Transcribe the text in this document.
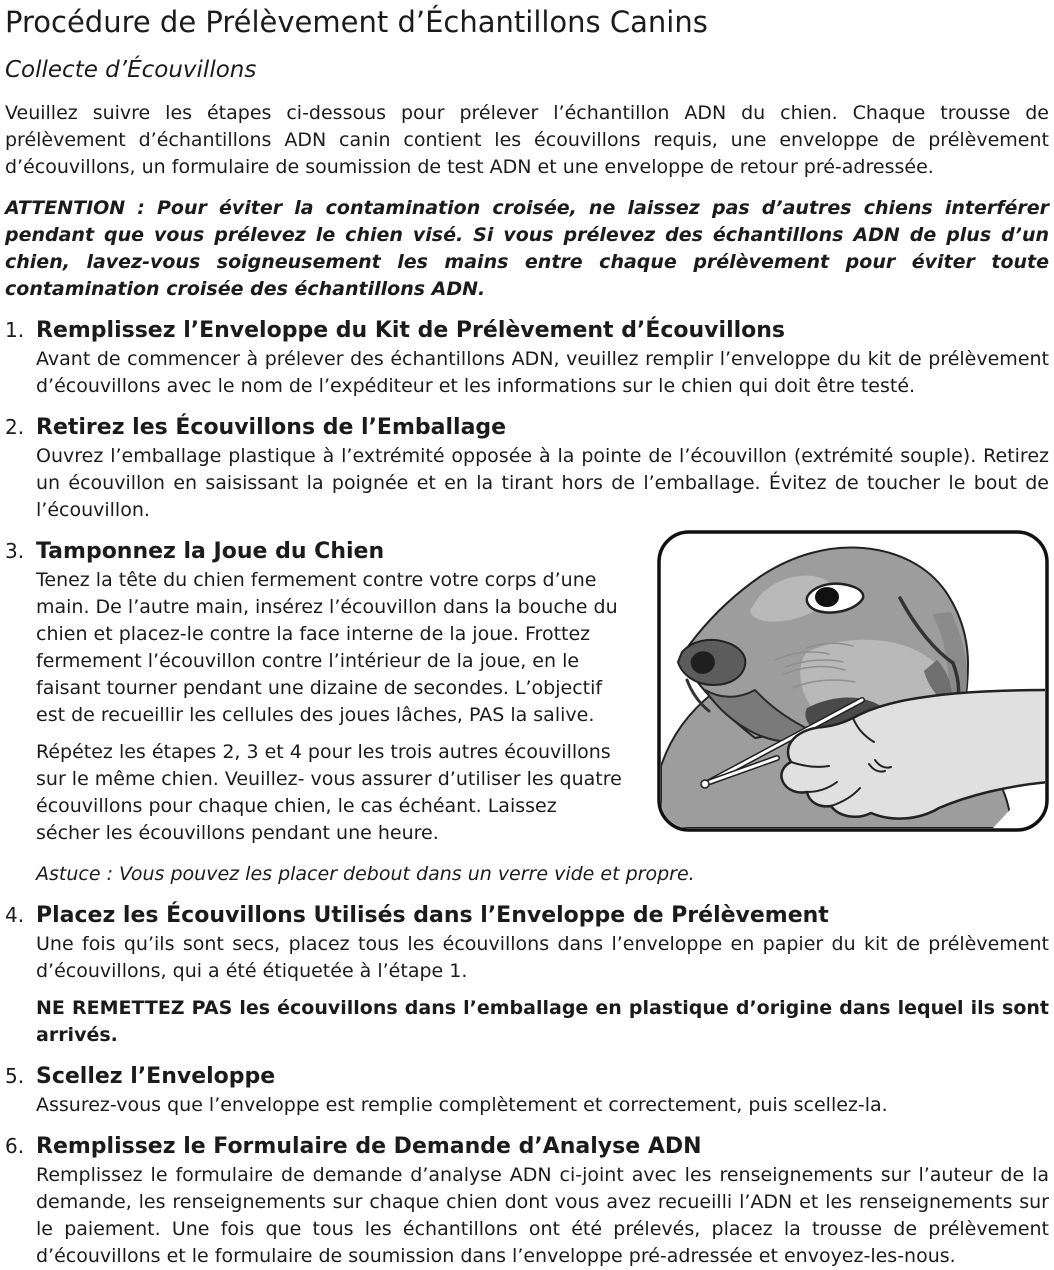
Procédure de Prélèvement d’Échantillons Canins
Collecte d’Écouvillons
Veuillez suivre les étapes ci-dessous pour prélever l’échantillon ADN du chien. Chaque trousse de prélèvement d’échantillons ADN canin contient les écouvillons requis, une enveloppe de prélèvement d’écouvillons, un formulaire de soumission de test ADN et une enveloppe de retour pré-adressée.
ATTENTION : Pour éviter la contamination croisée, ne laissez pas d’autres chiens interférer pendant que vous prélevez le chien visé. Si vous prélevez des échantillons ADN de plus d’un chien, lavez-vous soigneusement les mains entre chaque prélèvement pour éviter toute contamination croisée des échantillons ADN.
1. Remplissez l’Enveloppe du Kit de Prélèvement d’Écouvillons
Avant de commencer à prélever des échantillons ADN, veuillez remplir l’enveloppe du kit de prélèvement d’écouvillons avec le nom de l’expéditeur et les informations sur le chien qui doit être testé.
2. Retirez les Écouvillons de l’Emballage
Ouvrez l’emballage plastique à l’extrémité opposée à la pointe de l’écouvillon (extrémité souple). Retirez un écouvillon en saisissant la poignée et en la tirant hors de l’emballage. Évitez de toucher le bout de l’écouvillon.
3. Tamponnez la Joue du Chien
Tenez la tête du chien fermement contre votre corps d’une main. De l’autre main, insérez l’écouvillon dans la bouche du chien et placez-le contre la face interne de la joue. Frottez fermement l’écouvillon contre l’intérieur de la joue, en le faisant tourner pendant une dizaine de secondes. L’objectif est de recueillir les cellules des joues lâches, PAS la salive.
Répétez les étapes 2, 3 et 4 pour les trois autres écouvillons sur le même chien. Veuillez- vous assurer d’utiliser les quatre écouvillons pour chaque chien, le cas échéant. Laissez sécher les écouvillons pendant une heure.
Astuce : Vous pouvez les placer debout dans un verre vide et propre.
4. Placez les Écouvillons Utilisés dans l’Enveloppe de Prélèvement
Une fois qu’ils sont secs, placez tous les écouvillons dans l’enveloppe en papier du kit de prélèvement d’écouvillons, qui a été étiquetée à l’étape 1.
NE REMETTEZ PAS les écouvillons dans l’emballage en plastique d’origine dans lequel ils sont arrivés.
5. Scellez l’Enveloppe
Assurez-vous que l’enveloppe est remplie complètement et correctement, puis scellez-la.
6. Remplissez le Formulaire de Demande d’Analyse ADN
Remplissez le formulaire de demande d’analyse ADN ci-joint avec les renseignements sur l’auteur de la demande, les renseignements sur chaque chien dont vous avez recueilli l’ADN et les renseignements sur le paiement. Une fois que tous les échantillons ont été prélevés, placez la trousse de prélèvement d’écouvillons et le formulaire de soumission dans l’enveloppe pré-adressée et envoyez-les-nous.
